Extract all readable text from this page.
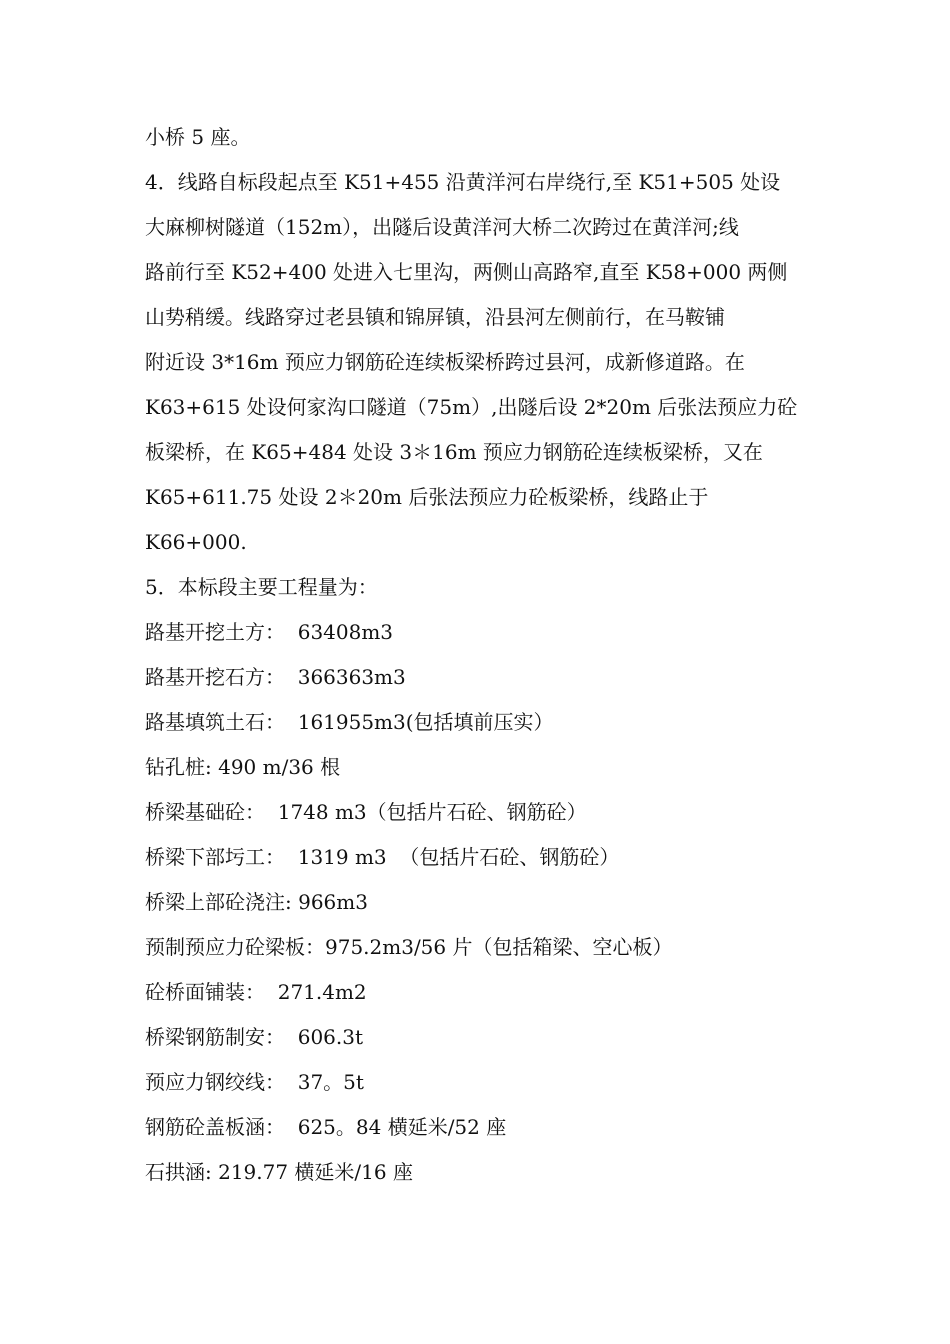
小桥 5 座。
4．线路自标段起点至 K51+455 沿黄洋河右岸绕行,至 K51+505 处设
大麻柳树隧道（152m），出隧后设黄洋河大桥二次跨过在黄洋河;线
路前行至 K52+400 处进入七里沟，两侧山高路窄,直至 K58+000 两侧
山势稍缓。线路穿过老县镇和锦屏镇，沿县河左侧前行，在马鞍铺
附近设 3*16m 预应力钢筋砼连续板梁桥跨过县河，成新修道路。在
K63+615 处设何家沟口隧道（75m）,出隧后设 2*20m 后张法预应力砼
板梁桥，在 K65+484 处设 3＊16m 预应力钢筋砼连续板梁桥，又在
K65+611.75 处设 2＊20m 后张法预应力砼板梁桥，线路止于
K66+000.
5．本标段主要工程量为：
路基开挖土方：  63408m3
路基开挖石方：  366363m3
路基填筑土石：  161955m3(包括填前压实）
钻孔桩: 490 m/36 根
桥梁基础砼：  1748 m3（包括片石砼、钢筋砼）
桥梁下部圬工：  1319 m3  （包括片石砼、钢筋砼）
桥梁上部砼浇注: 966m3
预制预应力砼梁板：975.2m3/56 片（包括箱梁、空心板）
砼桥面铺装：  271.4m2
桥梁钢筋制安：  606.3t
预应力钢绞线：  37。5t
钢筋砼盖板涵：  625。84 横延米/52 座
石拱涵: 219.77 横延米/16 座
